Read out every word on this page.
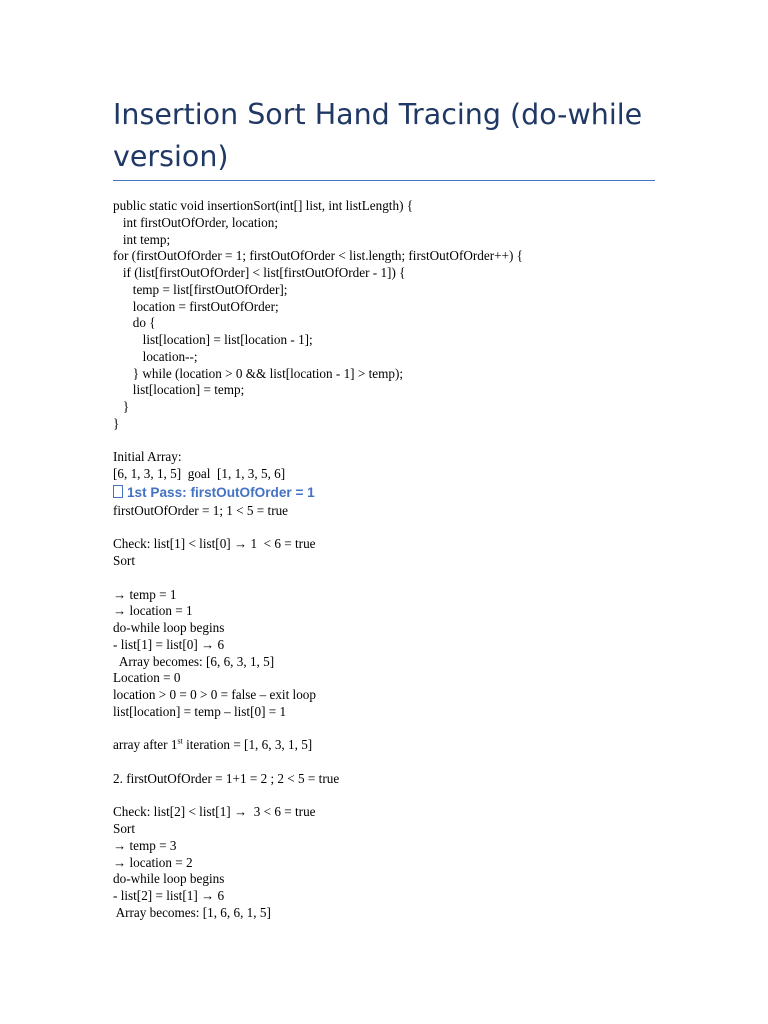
Insertion Sort Hand Tracing (do-while version)
public static void insertionSort(int[] list, int listLength) {
int firstOutOfOrder, location;
int temp;
for (firstOutOfOrder = 1; firstOutOfOrder < list.length; firstOutOfOrder++) {
if (list[firstOutOfOrder] < list[firstOutOfOrder - 1]) {
temp = list[firstOutOfOrder];
location = firstOutOfOrder;
do {
list[location] = list[location - 1];
location--;
} while (location > 0 && list[location - 1] > temp);
list[location] = temp;
}
}
Initial Array:
[6, 1, 3, 1, 5]  goal  [1, 1, 3, 5, 6]
1st Pass: firstOutOfOrder = 1
firstOutOfOrder = 1; 1 < 5 = true
Check: list[1] < list[0] → 1  < 6 = true
Sort
→ temp = 1
→ location = 1
do-while loop begins
- list[1] = list[0] → 6
Array becomes: [6, 6, 3, 1, 5]
Location = 0
location > 0 = 0 > 0 = false – exit loop
list[location] = temp – list[0] = 1
array after 1st iteration = [1, 6, 3, 1, 5]
2. firstOutOfOrder = 1+1 = 2 ; 2 < 5 = true
Check: list[2] < list[1] →  3 < 6 = true
Sort
→ temp = 3
→ location = 2
do-while loop begins
- list[2] = list[1] → 6
Array becomes: [1, 6, 6, 1, 5]
